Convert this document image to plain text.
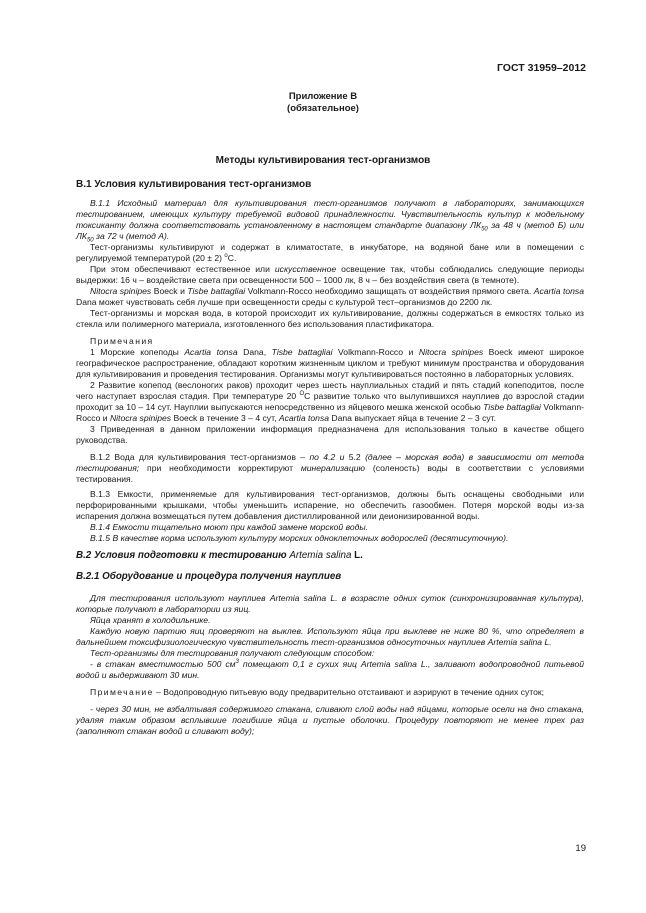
ГОСТ 31959–2012
Приложение В
(обязательное)
Методы культивирования тест-организмов
В.1 Условия культивирования тест-организмов

В.1.1 Исходный материал для культивирования тест-организмов получают в лабораториях, занимающихся тестированием, имеющих культуру требуемой видовой принадлежности. Чувствительность культур к модельному токсиканту должна соответствовать установленному в настоящем стандарте диапазону $ЛК_{50}$ за 48 ч (метод Б) или $ЛК_{50}$ за 72 ч (метод А).

Тест-организмы культивируют и содержат в климатостате, в инкубаторе, на водяной бане или в помещении с регулируемой температурой (20 ± 2) $^о$С.

При этом обеспечивают естественное или искусственное освещение так, чтобы соблюдались следующие периоды выдержки: 16 ч – воздействие света при освещенности 500 – 1000 лк, 8 ч – без воздействия света (в темноте).

Nitocra spinipes Boeck и Tisbe battagliai Volkmann-Rocco необходимо защищать от воздействия прямого света. Acartia tonsa Dana может чувствовать себя лучше при освещенности среды с культурой тест–организмов до 2200 лк.

Тест-организмы и морская вода, в которой происходит их культивирование, должны содержаться в емкостях только из стекла или полимерного материала, изготовленного без использования пластификатора.

Примечания

1 Морские копеподы Acartia tonsa Dana, Tisbe battagliai Volkmann-Rocco и Nitocra spinipes Boeck имеют широкое географическое распространение, обладают коротким жизненным циклом и требуют минимум пространства и оборудования для культивирования и проведения тестирования. Организмы могут культивироваться постоянно в лабораторных условиях.

2 Развитие копепод (веслоногих раков) проходит через шесть науплиальных стадий и пять стадий копеподитов, после чего наступает взрослая стадия. При температуре 20 $^О$С развитие только что вылупившихся науплиев до взрослой стадии проходит за 10 – 14 сут. Науплии выпускаются непосредственно из яйцевого мешка женской особью Tisbe battagliai Volkmann-Rocco и Nitocra spinipes Boeck в течение 3 – 4 сут, Acartia tonsa Dana выпускает яйца в течение 2 – 3 сут.

3 Приведенная в данном приложении информация предназначена для использования только в качестве общего руководства.

В.1.2 Вода для культивирования тест-организмов – по 4.2 и 5.2 (далее – морская вода) в зависимости от метода тестирования; при необходимости корректируют минерализацию (соленость) воды в соответствии с условиями тестирования.

В.1.3 Емкости, применяемые для культивирования тест-организмов, должны быть оснащены свободными или перфорированными крышками, чтобы уменьшить испарение, но обеспечить газообмен. Потеря морской воды из-за испарения должна возмещаться путем добавления дистиллированной или деионизированной воды.

В.1.4 Емкости тщательно моют при каждой замене морской воды.

В.1.5 В качестве корма используют культуру морских одноклеточных водорослей (десятисуточную).

В.2 Условия подготовки к тестированию Artemia salina L.
В.2.1 Оборудование и процедура получения науплиев

Для тестирования используют науплиев Artemia salina L. в возрасте одних суток (синхронизированная культура), которые получают в лаборатории из яиц.

Яйца хранят в холодильнике.

Каждую новую партию яиц проверяют на выклев. Используют яйца при выклеве не ниже 80 %, что определяет в дальнейшем токсифизиологическую чувствительность тест-организмов односуточных науплиев Artemia salina L.

Тест-организмы для тестирования получают следующим способом:

- в стакан вместимостью 500 $см^3$ помещают 0,1 г сухих яиц Artemia salina L., заливают водопроводной питьевой водой и выдерживают 30 мин.

Примечание – Водопроводную питьевую воду предварительно отстаивают и аэрируют в течение одних суток;

- через 30 мин, не взбалтывая содержимого стакана, сливают слой воды над яйцами, которые осели на дно стакана, удаляя таким образом всплывшие погибшие яйца и пустые оболочки. Процедуру повторяют не менее трех раз (заполняют стакан водой и сливают воду);

19
